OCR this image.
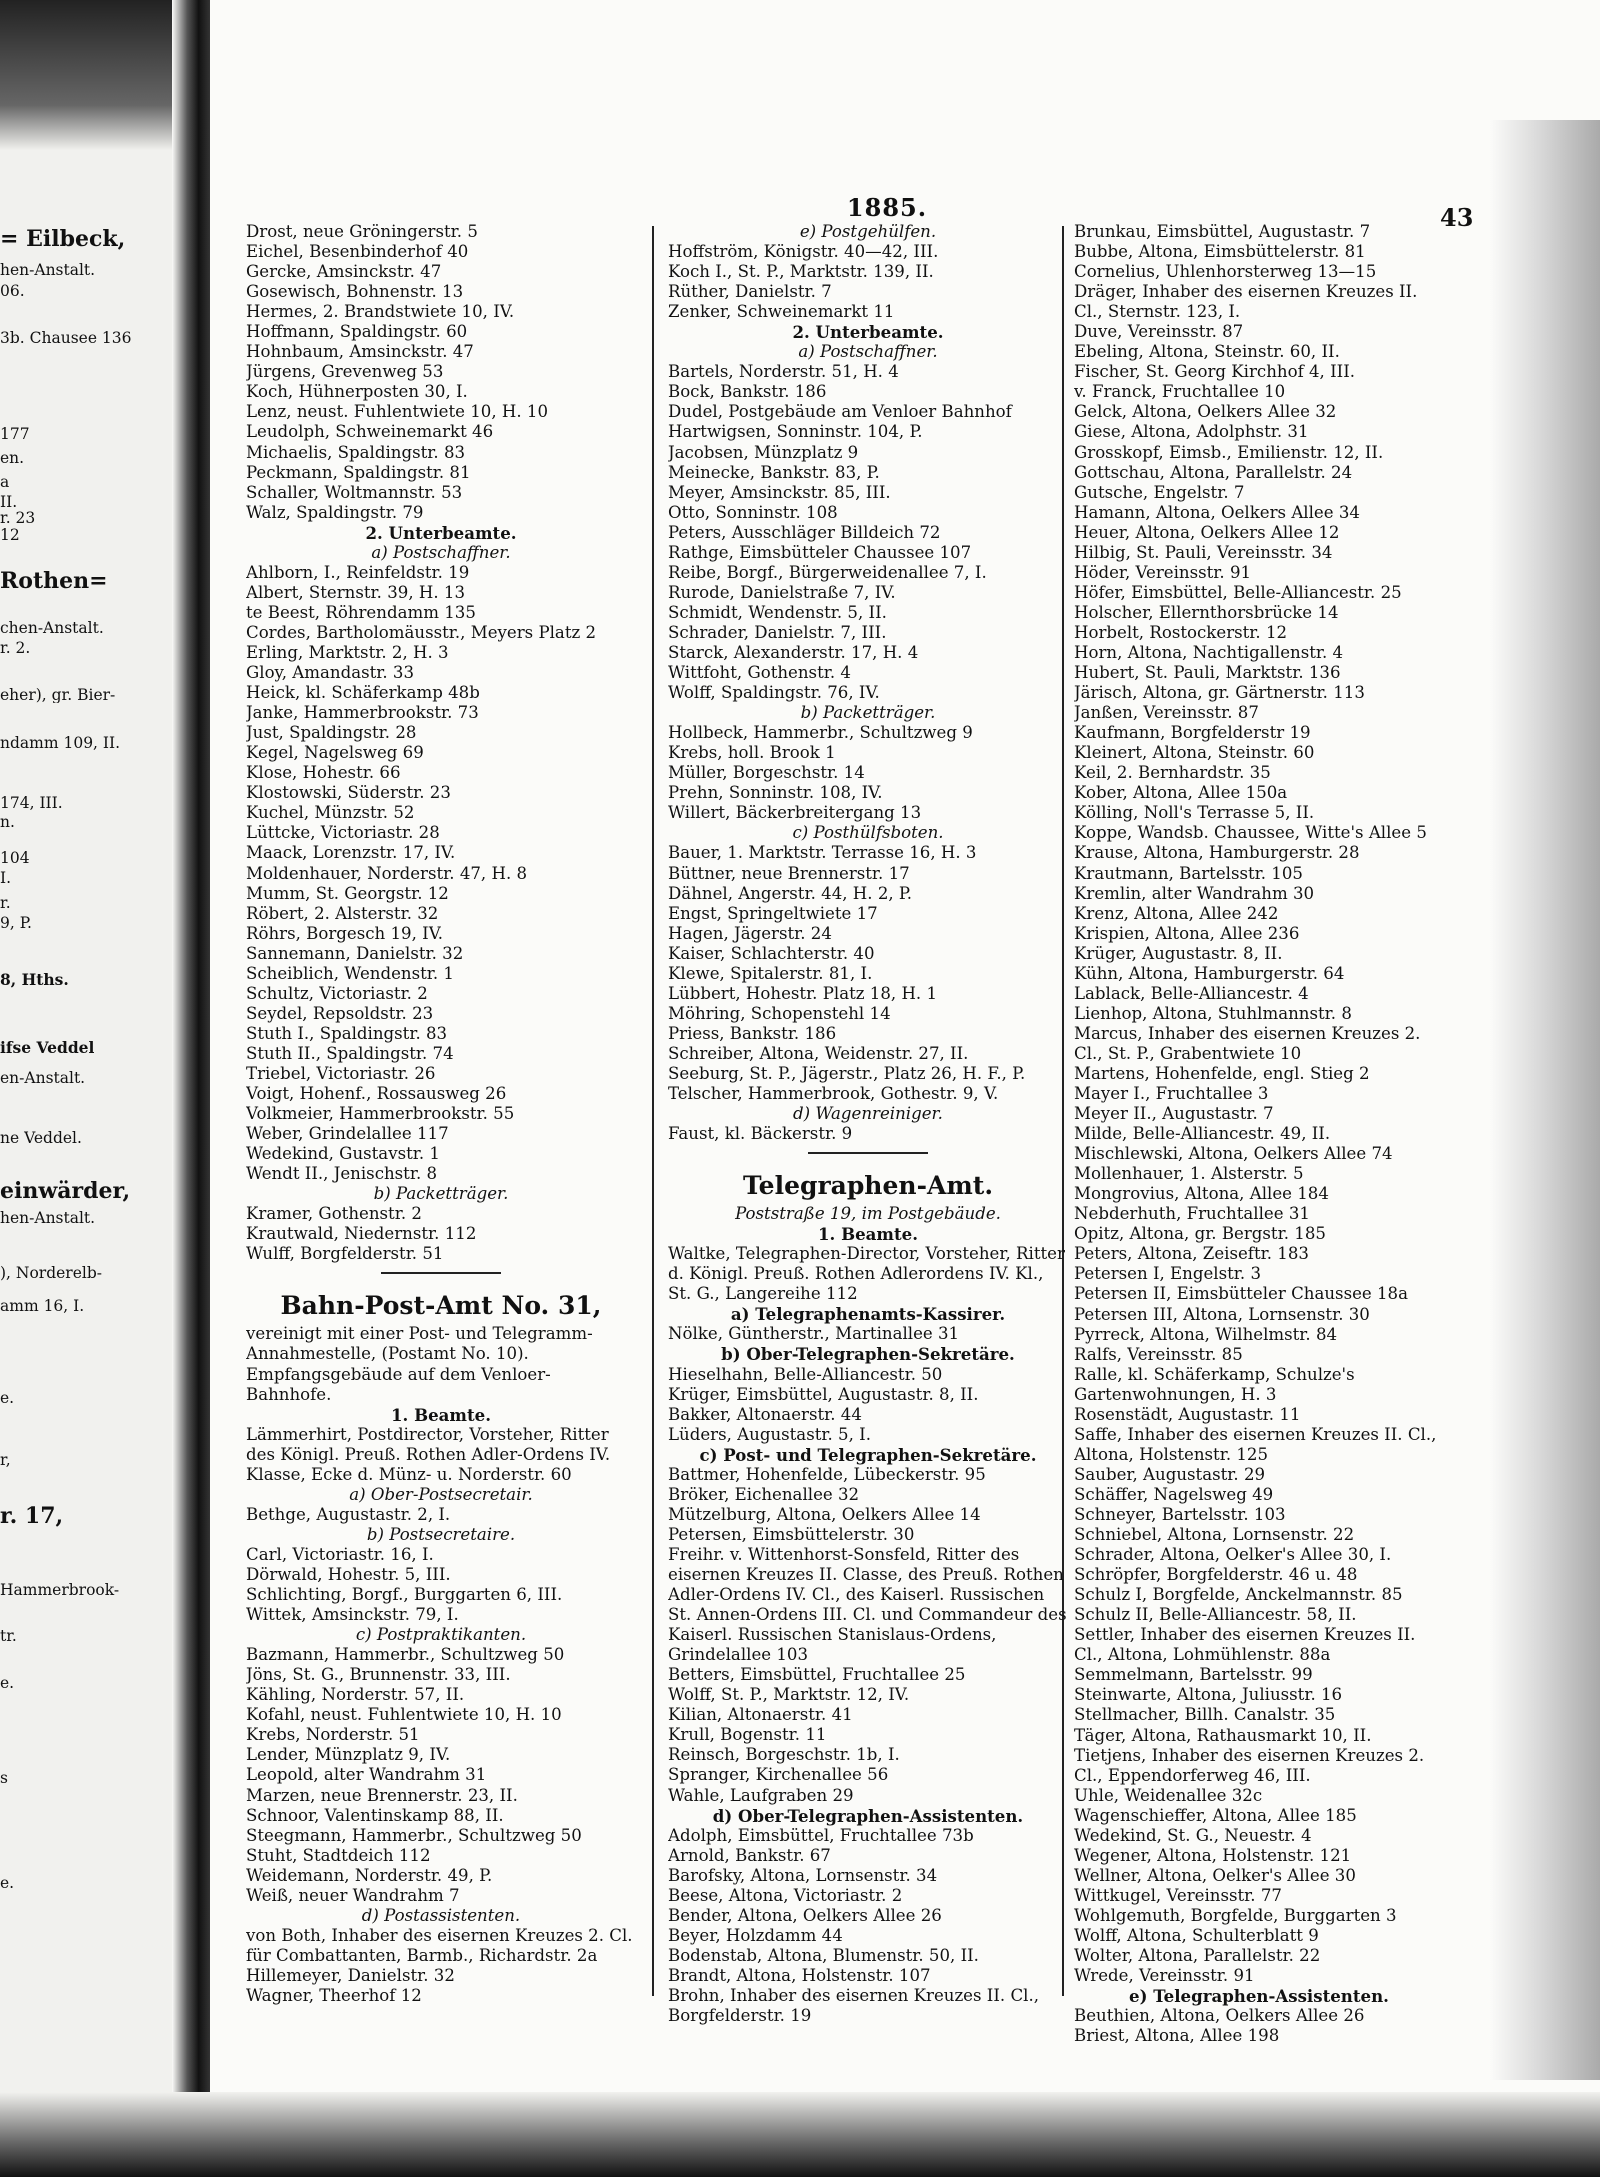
= Eilbeck,
hen-Anstalt.
06.
3b. Chausee 136
177
en.
a
II.
r. 23
12
Rothen=
chen-Anstalt.
r. 2.
eher), gr. Bier-
ndamm 109, II.
174, III.
n.
104
I.
r.
9, P.
8, Hths.
ifse Veddel
en-Anstalt.
ne Veddel.
einwärder,
hen-Anstalt.
), Norderelb-
amm 16, I.
e.
r,
r. 17,
Hammerbrook-
tr.
e.
s
e.
1885.	43
Drost, neue Gröningerstr. 5
Eichel, Besenbinderhof 40
Gercke, Amsinckstr. 47
Gosewisch, Bohnenstr. 13
Hermes, 2. Brandstwiete 10, IV.
Hoffmann, Spaldingstr. 60
Hohnbaum, Amsinckstr. 47
Jürgens, Grevenweg 53
Koch, Hühnerposten 30, I.
Lenz, neust. Fuhlentwiete 10, H. 10
Leudolph, Schweinemarkt 46
Michaelis, Spaldingstr. 83
Peckmann, Spaldingstr. 81
Schaller, Woltmannstr. 53
Walz, Spaldingstr. 79
2. Unterbeamte.
a) Postschaffner.
Ahlborn, I., Reinfeldstr. 19
Albert, Sternstr. 39, H. 13
te Beest, Röhrendamm 135
Cordes, Bartholomäusstr., Meyers Platz 2
Erling, Marktstr. 2, H. 3
Gloy, Amandastr. 33
Heick, kl. Schäferkamp 48b
Janke, Hammerbrookstr. 73
Just, Spaldingstr. 28
Kegel, Nagelsweg 69
Klose, Hohestr. 66
Klostowski, Süderstr. 23
Kuchel, Münzstr. 52
Lüttcke, Victoriastr. 28
Maack, Lorenzstr. 17, IV.
Moldenhauer, Norderstr. 47, H. 8
Mumm, St. Georgstr. 12
Röbert, 2. Alsterstr. 32
Röhrs, Borgesch 19, IV.
Sannemann, Danielstr. 32
Scheiblich, Wendenstr. 1
Schultz, Victoriastr. 2
Seydel, Repsoldstr. 23
Stuth I., Spaldingstr. 83
Stuth II., Spaldingstr. 74
Triebel, Victoriastr. 26
Voigt, Hohenf., Rossausweg 26
Volkmeier, Hammerbrookstr. 55
Weber, Grindelallee 117
Wedekind, Gustavstr. 1
Wendt II., Jenischstr. 8
b) Packetträger.
Kramer, Gothenstr. 2
Krautwald, Niedernstr. 112
Wulff, Borgfelderstr. 51
Bahn-Post-Amt No. 31,
vereinigt mit einer Post- und Telegramm-Annahmestelle, (Postamt No. 10). Empfangsgebäude auf dem Venloer-Bahnhofe.
1. Beamte.
Lämmerhirt, Postdirector, Vorsteher, Ritter des Königl. Preuß. Rothen Adler-Ordens IV. Klasse, Ecke d. Münz- u. Norderstr. 60
a) Ober-Postsecretair.
Bethge, Augustastr. 2, I.
b) Postsecretaire.
Carl, Victoriastr. 16, I.
Dörwald, Hohestr. 5, III.
Schlichting, Borgf., Burggarten 6, III.
Wittek, Amsinckstr. 79, I.
c) Postpraktikanten.
Bazmann, Hammerbr., Schultzweg 50
Jöns, St. G., Brunnenstr. 33, III.
Kähling, Norderstr. 57, II.
Kofahl, neust. Fuhlentwiete 10, H. 10
Krebs, Norderstr. 51
Lender, Münzplatz 9, IV.
Leopold, alter Wandrahm 31
Marzen, neue Brennerstr. 23, II.
Schnoor, Valentinskamp 88, II.
Steegmann, Hammerbr., Schultzweg 50
Stuht, Stadtdeich 112
Weidemann, Norderstr. 49, P.
Weiß, neuer Wandrahm 7
d) Postassistenten.
von Both, Inhaber des eisernen Kreuzes 2. Cl. für Combattanten, Barmb., Richardstr. 2a
Hillemeyer, Danielstr. 32
Wagner, Theerhof 12
e) Postgehülfen.
Hoffström, Königstr. 40—42, III.
Koch I., St. P., Marktstr. 139, II.
Rüther, Danielstr. 7
Zenker, Schweinemarkt 11
2. Unterbeamte.
a) Postschaffner.
Bartels, Norderstr. 51, H. 4
Bock, Bankstr. 186
Dudel, Postgebäude am Venloer Bahnhof
Hartwigsen, Sonninstr. 104, P.
Jacobsen, Münzplatz 9
Meinecke, Bankstr. 83, P.
Meyer, Amsinckstr. 85, III.
Otto, Sonninstr. 108
Peters, Ausschläger Billdeich 72
Rathge, Eimsbütteler Chaussee 107
Reibe, Borgf., Bürgerweidenallee 7, I.
Rurode, Danielstraße 7, IV.
Schmidt, Wendenstr. 5, II.
Schrader, Danielstr. 7, III.
Starck, Alexanderstr. 17, H. 4
Wittfoht, Gothenstr. 4
Wolff, Spaldingstr. 76, IV.
b) Packetträger.
Hollbeck, Hammerbr., Schultzweg 9
Krebs, holl. Brook 1
Müller, Borgeschstr. 14
Prehn, Sonninstr. 108, IV.
Willert, Bäckerbreitergang 13
c) Posthülfsboten.
Bauer, 1. Marktstr. Terrasse 16, H. 3
Büttner, neue Brennerstr. 17
Dähnel, Angerstr. 44, H. 2, P.
Engst, Springeltwiete 17
Hagen, Jägerstr. 24
Kaiser, Schlachterstr. 40
Klewe, Spitalerstr. 81, I.
Lübbert, Hohestr. Platz 18, H. 1
Möhring, Schopenstehl 14
Priess, Bankstr. 186
Schreiber, Altona, Weidenstr. 27, II.
Seeburg, St. P., Jägerstr., Platz 26, H. F., P.
Telscher, Hammerbrook, Gothestr. 9, V.
d) Wagenreiniger.
Faust, kl. Bäckerstr. 9
Telegraphen-Amt.
Poststraße 19, im Postgebäude.
1. Beamte.
Waltke, Telegraphen-Director, Vorsteher, Ritter d. Königl. Preuß. Rothen Adlerordens IV. Kl., St. G., Langereihe 112
a) Telegraphenamts-Kassirer.
Nölke, Güntherstr., Martinallee 31
b) Ober-Telegraphen-Sekretäre.
Hieselhahn, Belle-Alliancestr. 50
Krüger, Eimsbüttel, Augustastr. 8, II.
Bakker, Altonaerstr. 44
Lüders, Augustastr. 5, I.
c) Post- und Telegraphen-Sekretäre.
Battmer, Hohenfelde, Lübeckerstr. 95
Bröker, Eichenallee 32
Mützelburg, Altona, Oelkers Allee 14
Petersen, Eimsbüttelerstr. 30
Freihr. v. Wittenhorst-Sonsfeld, Ritter des eisernen Kreuzes II. Classe, des Preuß. Rothen Adler-Ordens IV. Cl., des Kaiserl. Russischen St. Annen-Ordens III. Cl. und Commandeur des Kaiserl. Russischen Stanislaus-Ordens, Grindelallee 103
Betters, Eimsbüttel, Fruchtallee 25
Wolff, St. P., Marktstr. 12, IV.
Kilian, Altonaerstr. 41
Krull, Bogenstr. 11
Reinsch, Borgeschstr. 1b, I.
Spranger, Kirchenallee 56
Wahle, Laufgraben 29
d) Ober-Telegraphen-Assistenten.
Adolph, Eimsbüttel, Fruchtallee 73b
Arnold, Bankstr. 67
Barofsky, Altona, Lornsenstr. 34
Beese, Altona, Victoriastr. 2
Bender, Altona, Oelkers Allee 26
Beyer, Holzdamm 44
Bodenstab, Altona, Blumenstr. 50, II.
Brandt, Altona, Holstenstr. 107
Brohn, Inhaber des eisernen Kreuzes II. Cl., Borgfelderstr. 19
Brunkau, Eimsbüttel, Augustastr. 7
Bubbe, Altona, Eimsbüttelerstr. 81
Cornelius, Uhlenhorsterweg 13—15
Dräger, Inhaber des eisernen Kreuzes II. Cl., Sternstr. 123, I.
Duve, Vereinsstr. 87
Ebeling, Altona, Steinstr. 60, II.
Fischer, St. Georg Kirchhof 4, III.
v. Franck, Fruchtallee 10
Gelck, Altona, Oelkers Allee 32
Giese, Altona, Adolphstr. 31
Grosskopf, Eimsb., Emilienstr. 12, II.
Gottschau, Altona, Parallelstr. 24
Gutsche, Engelstr. 7
Hamann, Altona, Oelkers Allee 34
Heuer, Altona, Oelkers Allee 12
Hilbig, St. Pauli, Vereinsstr. 34
Höder, Vereinsstr. 91
Höfer, Eimsbüttel, Belle-Alliancestr. 25
Holscher, Ellernthorsbrücke 14
Horbelt, Rostockerstr. 12
Horn, Altona, Nachtigallenstr. 4
Hubert, St. Pauli, Marktstr. 136
Järisch, Altona, gr. Gärtnerstr. 113
Janßen, Vereinsstr. 87
Kaufmann, Borgfelderstr 19
Kleinert, Altona, Steinstr. 60
Keil, 2. Bernhardstr. 35
Kober, Altona, Allee 150a
Kölling, Noll's Terrasse 5, II.
Koppe, Wandsb. Chaussee, Witte's Allee 5
Krause, Altona, Hamburgerstr. 28
Krautmann, Bartelsstr. 105
Kremlin, alter Wandrahm 30
Krenz, Altona, Allee 242
Krispien, Altona, Allee 236
Krüger, Augustastr. 8, II.
Kühn, Altona, Hamburgerstr. 64
Lablack, Belle-Alliancestr. 4
Lienhop, Altona, Stuhlmannstr. 8
Marcus, Inhaber des eisernen Kreuzes 2. Cl., St. P., Grabentwiete 10
Martens, Hohenfelde, engl. Stieg 2
Mayer I., Fruchtallee 3
Meyer II., Augustastr. 7
Milde, Belle-Alliancestr. 49, II.
Mischlewski, Altona, Oelkers Allee 74
Mollenhauer, 1. Alsterstr. 5
Mongrovius, Altona, Allee 184
Nebderhuth, Fruchtallee 31
Opitz, Altona, gr. Bergstr. 185
Peters, Altona, Zeiseftr. 183
Petersen I, Engelstr. 3
Petersen II, Eimsbütteler Chaussee 18a
Petersen III, Altona, Lornsenstr. 30
Pyrreck, Altona, Wilhelmstr. 84
Ralfs, Vereinsstr. 85
Ralle, kl. Schäferkamp, Schulze's Gartenwohnungen, H. 3
Rosenstädt, Augustastr. 11
Saffe, Inhaber des eisernen Kreuzes II. Cl., Altona, Holstenstr. 125
Sauber, Augustastr. 29
Schäffer, Nagelsweg 49
Schneyer, Bartelsstr. 103
Schniebel, Altona, Lornsenstr. 22
Schrader, Altona, Oelker's Allee 30, I.
Schröpfer, Borgfelderstr. 46 u. 48
Schulz I, Borgfelde, Anckelmannstr. 85
Schulz II, Belle-Alliancestr. 58, II.
Settler, Inhaber des eisernen Kreuzes II. Cl., Altona, Lohmühlenstr. 88a
Semmelmann, Bartelsstr. 99
Steinwarte, Altona, Juliusstr. 16
Stellmacher, Billh. Canalstr. 35
Täger, Altona, Rathausmarkt 10, II.
Tietjens, Inhaber des eisernen Kreuzes 2. Cl., Eppendorferweg 46, III.
Uhle, Weidenallee 32c
Wagenschieffer, Altona, Allee 185
Wedekind, St. G., Neuestr. 4
Wegener, Altona, Holstenstr. 121
Wellner, Altona, Oelker's Allee 30
Wittkugel, Vereinsstr. 77
Wohlgemuth, Borgfelde, Burggarten 3
Wolff, Altona, Schulterblatt 9
Wolter, Altona, Parallelstr. 22
Wrede, Vereinsstr. 91
e) Telegraphen-Assistenten.
Beuthien, Altona, Oelkers Allee 26
Briest, Altona, Allee 198
